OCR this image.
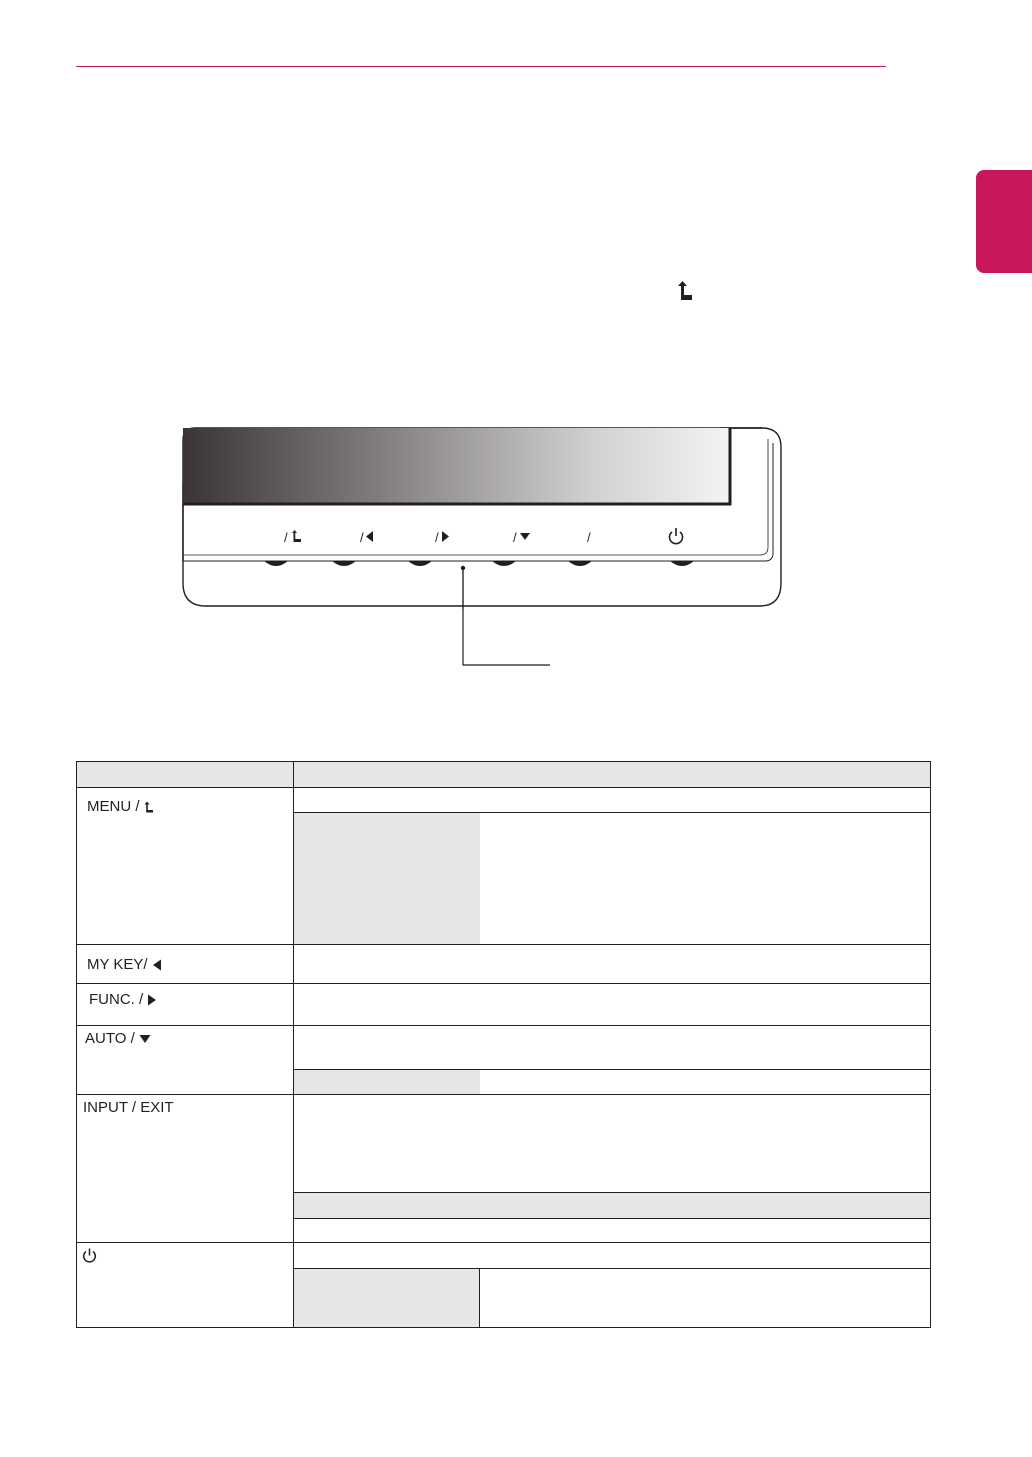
/	/	/	/	/
MENU /
MY KEY/
FUNC. /
AUTO /
INPUT / EXIT
